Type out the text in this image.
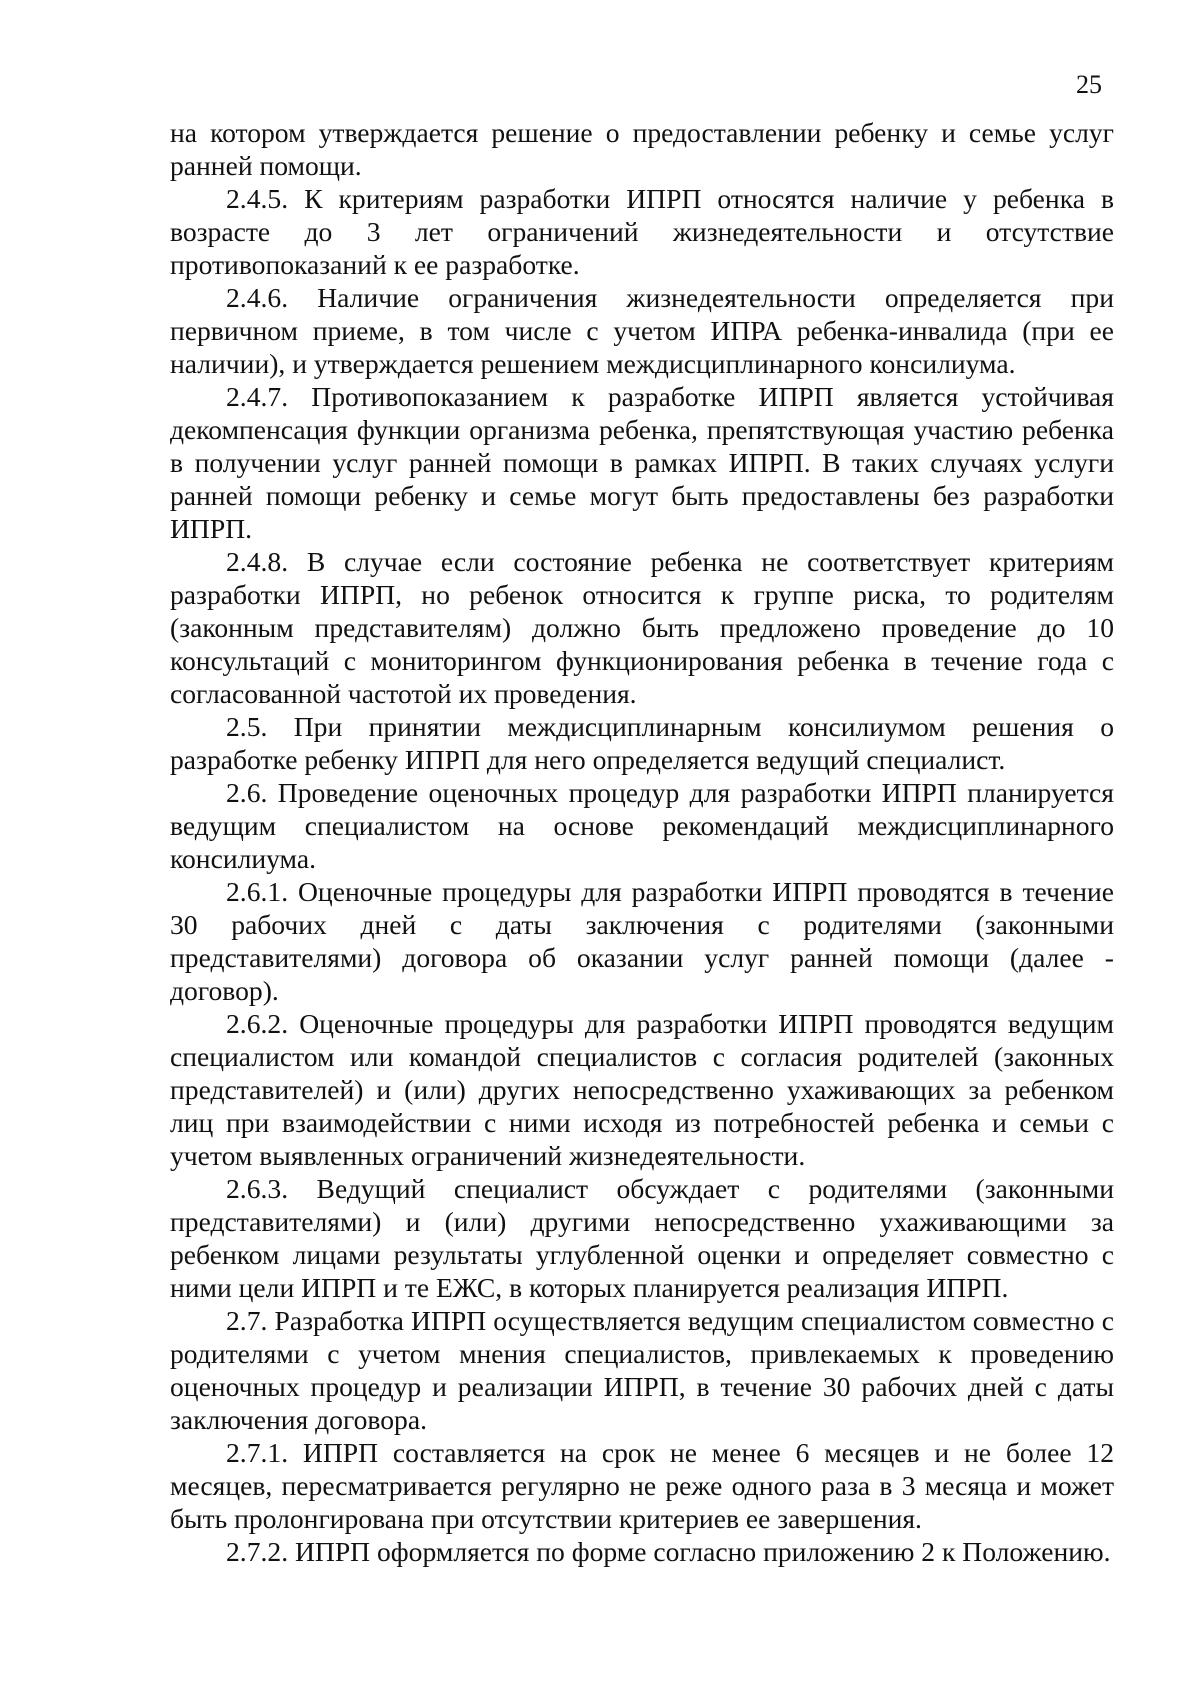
25

на котором утверждается решение о предоставлении ребенку и семье услуг ранней помощи.

2.4.5. К критериям разработки ИПРП относятся наличие у ребенка в возрасте до 3 лет ограничений жизнедеятельности и отсутствие противопоказаний к ее разработке.

2.4.6. Наличие ограничения жизнедеятельности определяется при первичном приеме, в том числе с учетом ИПРА ребенка-инвалида (при ее наличии), и утверждается решением междисциплинарного консилиума.

2.4.7. Противопоказанием к разработке ИПРП является устойчивая декомпенсация функции организма ребенка, препятствующая участию ребенка в получении услуг ранней помощи в рамках ИПРП. В таких случаях услуги ранней помощи ребенку и семье могут быть предоставлены без разработки ИПРП.

2.4.8. В случае если состояние ребенка не соответствует критериям разработки ИПРП, но ребенок относится к группе риска, то родителям (законным представителям) должно быть предложено проведение до 10 консультаций с мониторингом функционирования ребенка в течение года с согласованной частотой их проведения.

2.5. При принятии междисциплинарным консилиумом решения о разработке ребенку ИПРП для него определяется ведущий специалист.

2.6. Проведение оценочных процедур для разработки ИПРП планируется ведущим специалистом на основе рекомендаций междисциплинарного консилиума.

2.6.1. Оценочные процедуры для разработки ИПРП проводятся в течение 30 рабочих дней с даты заключения с родителями (законными представителями) договора об оказании услуг ранней помощи (далее - договор).

2.6.2. Оценочные процедуры для разработки ИПРП проводятся ведущим специалистом или командой специалистов с согласия родителей (законных представителей) и (или) других непосредственно ухаживающих за ребенком лиц при взаимодействии с ними исходя из потребностей ребенка и семьи с учетом выявленных ограничений жизнедеятельности.

2.6.3. Ведущий специалист обсуждает с родителями (законными представителями) и (или) другими непосредственно ухаживающими за ребенком лицами результаты углубленной оценки и определяет совместно с ними цели ИПРП и те ЕЖС, в которых планируется реализация ИПРП.

2.7. Разработка ИПРП осуществляется ведущим специалистом совместно с родителями с учетом мнения специалистов, привлекаемых к проведению оценочных процедур и реализации ИПРП, в течение 30 рабочих дней с даты заключения договора.

2.7.1. ИПРП составляется на срок не менее 6 месяцев и не более 12 месяцев, пересматривается регулярно не реже одного раза в 3 месяца и может быть пролонгирована при отсутствии критериев ее завершения.

2.7.2. ИПРП оформляется по форме согласно приложению 2 к Положению.
